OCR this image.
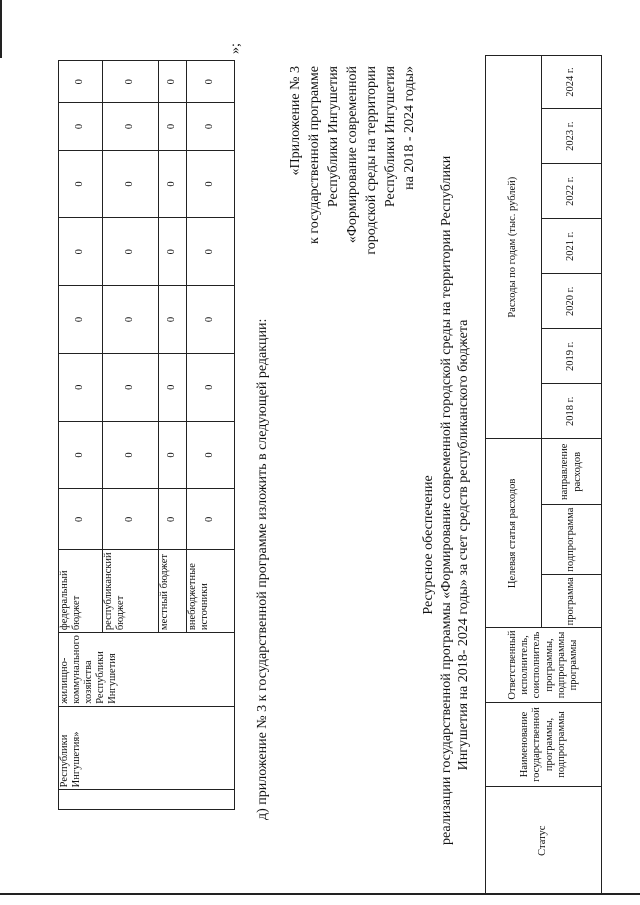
	Республики Ингушетия»	жилищно-коммунального хозяйства Республики Ингушетия	федеральный бюджет	0	0	0	0	0	0	0	0
			республиканский бюджет	0	0	0	0	0	0	0	0
			местный бюджет	0	0	0	0	0	0	0	0
			внебюджетные источники	0	0	0	0	0	0	0	0
»;
д) приложение № 3 к государственной программе изложить в следующей редакции:
«Приложение № 3 к государственной программе Республики Ингушетия «Формирование современной городской среды на территории Республики Ингушетия на 2018 - 2024 годы»
Ресурсное обеспечение реализации государственной программы «Формирование современной городской среды на территории Республики Ингушетия на 2018- 2024 годы» за счет средств республиканского бюджета
Статус	Наименование государственной программы, подпрограммы	Ответственный исполнитель, соисполнитель программы, подпрограммы программы	Целевая статья расходов			Расходы по годам (тыс. рублей)						
			программа	подпрограмма	направление расходов	2018 г.	2019 г.	2020 г.	2021 г.	2022 г.	2023 г.	2024 г.
